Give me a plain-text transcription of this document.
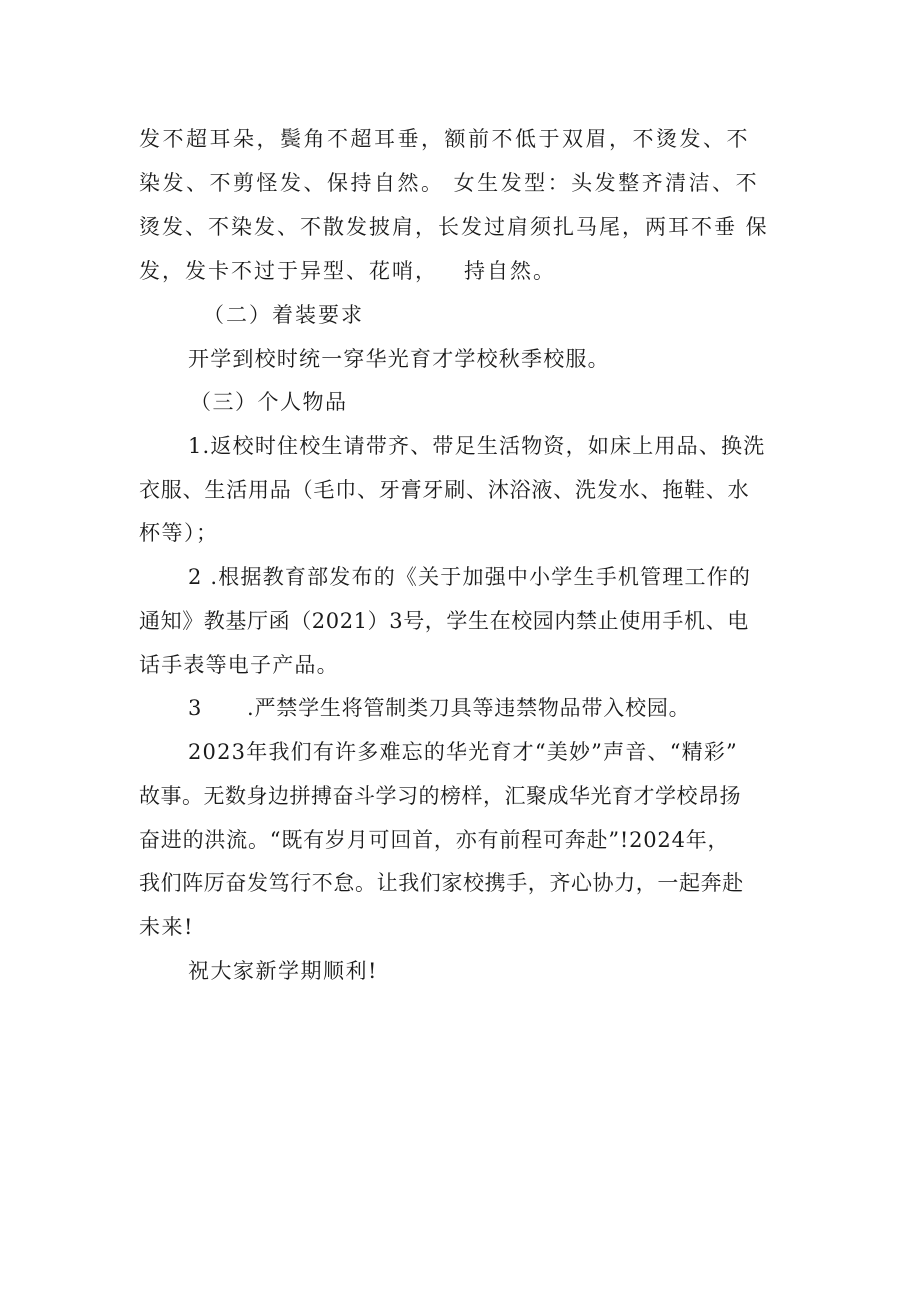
发不超耳朵，鬓角不超耳垂，额前不低于双眉，不烫发、不
染发、不剪怪发、保持自然。 女生发型：头发整齐清洁、不
烫发、不染发、不散发披肩，长发过肩须扎马尾，两耳不垂 保
发，发卡不过于异型、花哨，   持自然。
（二）着装要求
开学到校时统一穿华光育才学校秋季校服。
（三）个人物品
1.返校时住校生请带齐、带足生活物资，如床上用品、换洗
衣服、生活用品（毛巾、牙膏牙刷、沐浴液、洗发水、拖鞋、水
杯等）；
2 .根据教育部发布的《关于加强中小学生手机管理工作的
通知》教基厅函（2021）3号，学生在校园内禁止使用手机、电
话手表等电子产品。
3      .严禁学生将管制类刀具等违禁物品带入校园。
2023年我们有许多难忘的华光育才“美妙”声音、“精彩”
故事。无数身边拼搏奋斗学习的榜样，汇聚成华光育才学校昂扬
奋进的洪流。“既有岁月可回首，亦有前程可奔赴”!2024年，
我们阵厉奋发笃行不怠。让我们家校携手，齐心协力，一起奔赴
未来!
祝大家新学期顺利!
